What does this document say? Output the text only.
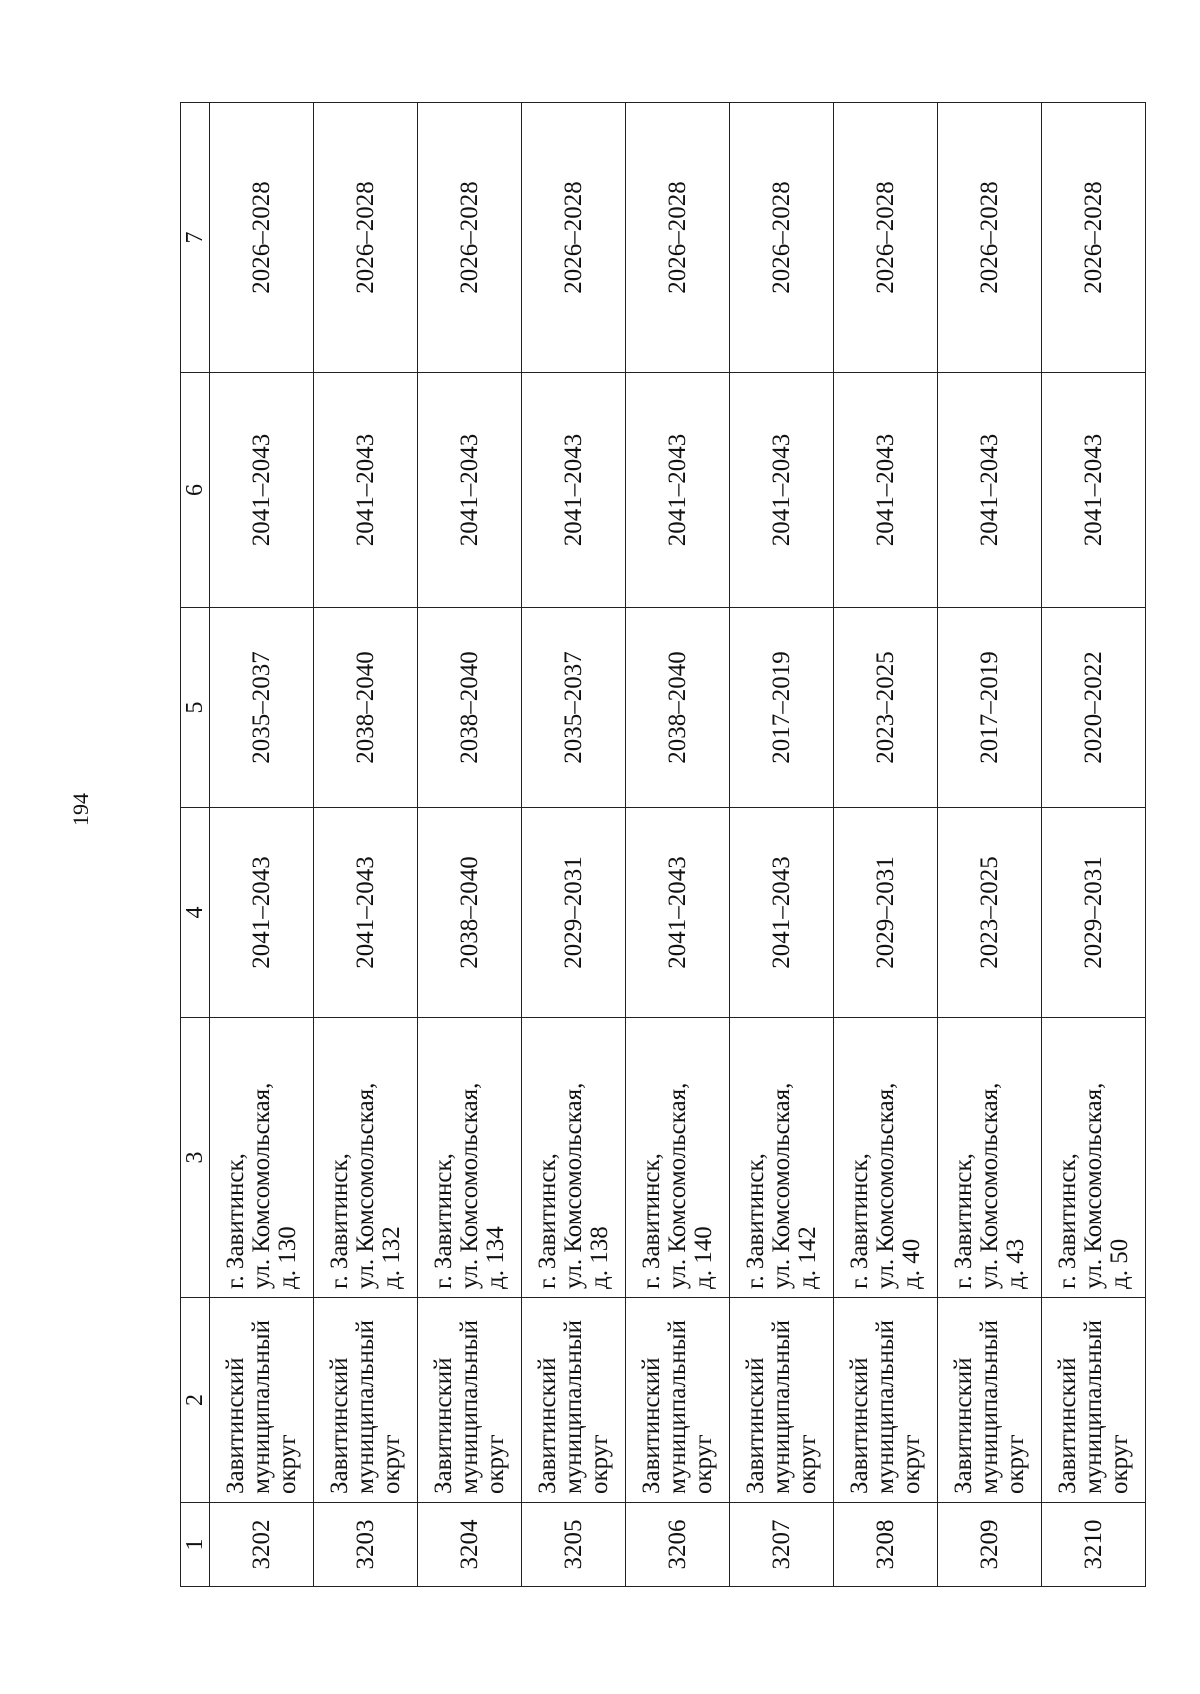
194
1	2	3	4	5	6	7
3202	Завитинский муниципальный округ	г. Завитинск, ул. Комсомольская, д. 130	2041–2043	2035–2037	2041–2043	2026–2028
3203	Завитинский муниципальный округ	г. Завитинск, ул. Комсомольская, д. 132	2041–2043	2038–2040	2041–2043	2026–2028
3204	Завитинский муниципальный округ	г. Завитинск, ул. Комсомольская, д. 134	2038–2040	2038–2040	2041–2043	2026–2028
3205	Завитинский муниципальный округ	г. Завитинск, ул. Комсомольская, д. 138	2029–2031	2035–2037	2041–2043	2026–2028
3206	Завитинский муниципальный округ	г. Завитинск, ул. Комсомольская, д. 140	2041–2043	2038–2040	2041–2043	2026–2028
3207	Завитинский муниципальный округ	г. Завитинск, ул. Комсомольская, д. 142	2041–2043	2017–2019	2041–2043	2026–2028
3208	Завитинский муниципальный округ	г. Завитинск, ул. Комсомольская, д. 40	2029–2031	2023–2025	2041–2043	2026–2028
3209	Завитинский муниципальный округ	г. Завитинск, ул. Комсомольская, д. 43	2023–2025	2017–2019	2041–2043	2026–2028
3210	Завитинский муниципальный округ	г. Завитинск, ул. Комсомольская, д. 50	2029–2031	2020–2022	2041–2043	2026–2028
